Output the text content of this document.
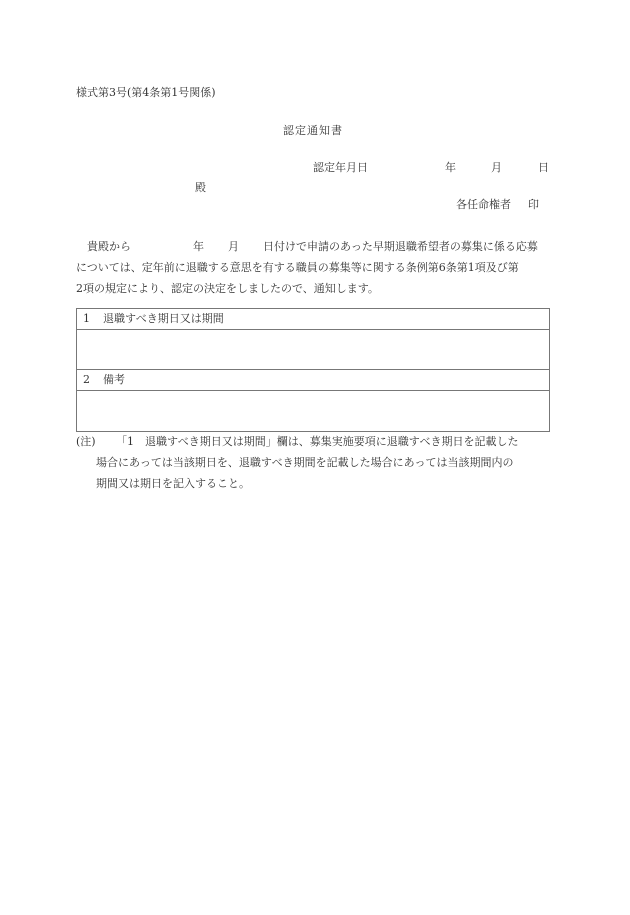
様式第3号(第4条第1号関係)
認定通知書
認定年月日	年	月	日
殿
各任命権者 印
貴殿から	年 月 日付けで申請のあった早期退職希望者の募集に係る応募
については、定年前に退職する意思を有する職員の募集等に関する条例第6条第1項及び第
2項の規定により、認定の決定をしましたので、通知します。
1 退職すべき期日又は期間
2 備考
(注) 「1　退職すべき期日又は期間」欄は、募集実施要項に退職すべき期日を記載した
場合にあっては当該期日を、退職すべき期間を記載した場合にあっては当該期間内の
期間又は期日を記入すること。
